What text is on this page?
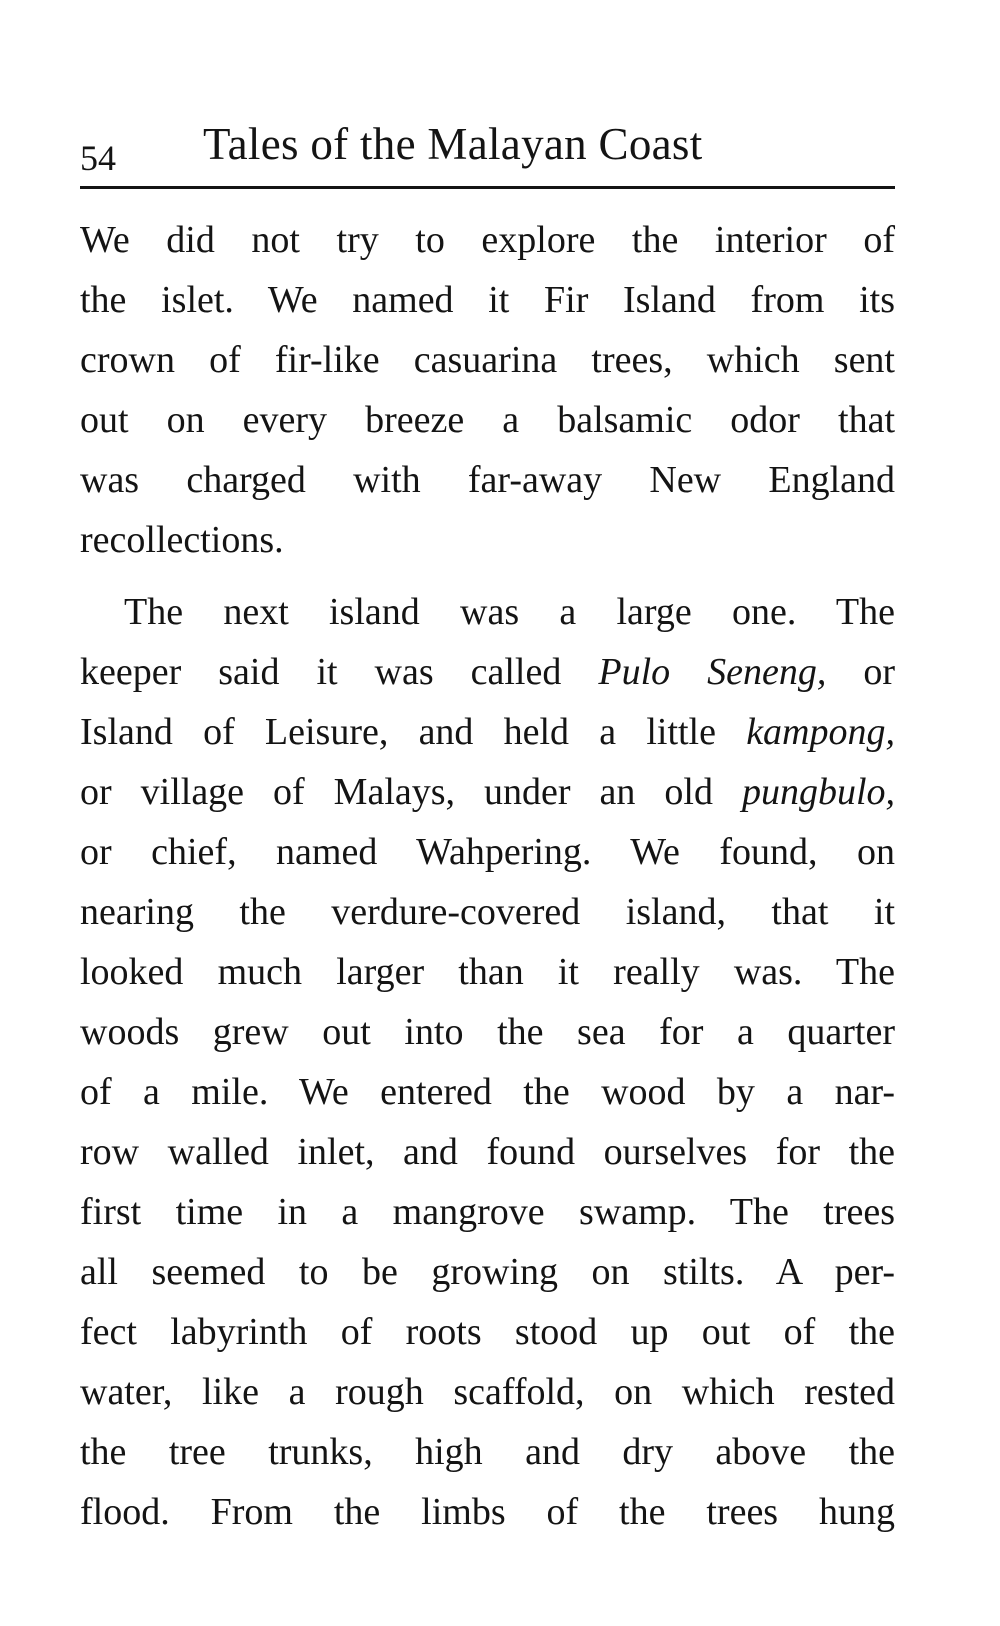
54 Tales of the Malayan Coast
We did not try to explore the interior of
the islet. We named it Fir Island from its
crown of fir-like casuarina trees, which sent
out on every breeze a balsamic odor that
was charged with far-away New England
recollections.
The next island was a large one. The
keeper said it was called Pulo Seneng, or
Island of Leisure, and held a little kampong,
or village of Malays, under an old pungbulo,
or chief, named Wahpering. We found, on
nearing the verdure-covered island, that it
looked much larger than it really was. The
woods grew out into the sea for a quarter
of a mile. We entered the wood by a nar-
row walled inlet, and found ourselves for the
first time in a mangrove swamp. The trees
all seemed to be growing on stilts. A per-
fect labyrinth of roots stood up out of the
water, like a rough scaffold, on which rested
the tree trunks, high and dry above the
flood. From the limbs of the trees hung
